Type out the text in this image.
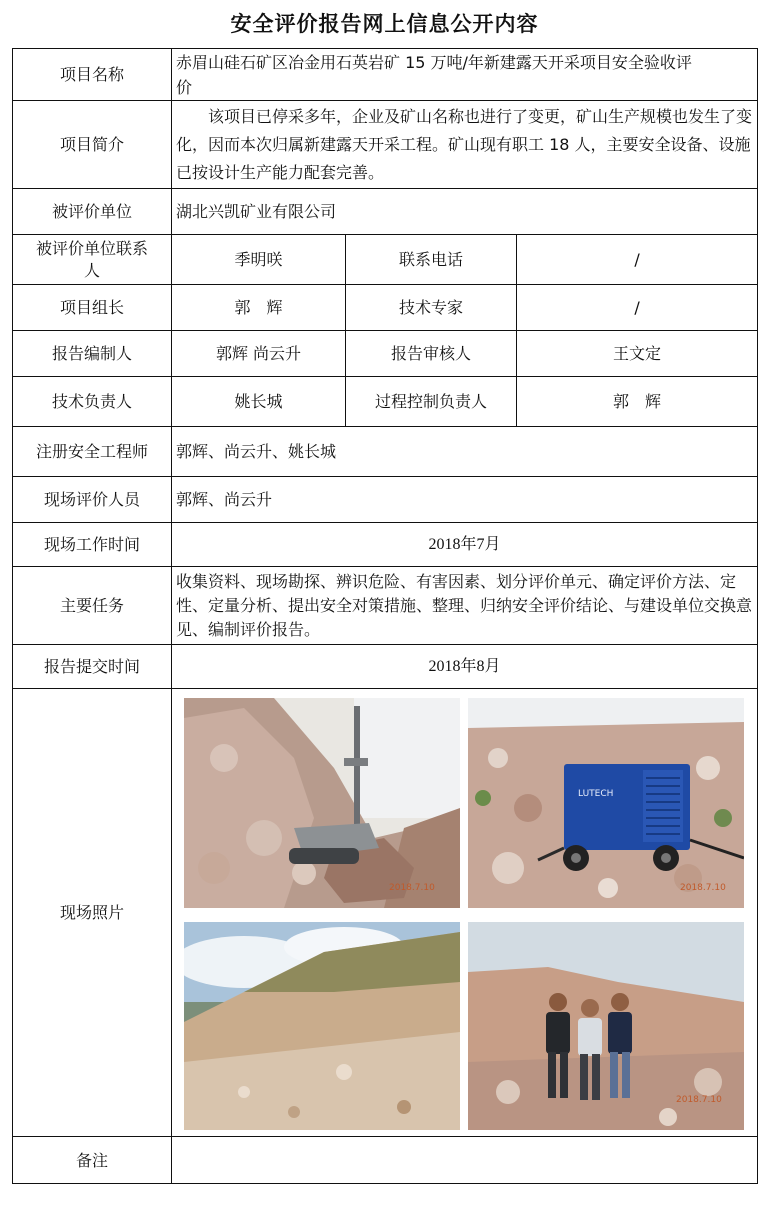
安全评价报告网上信息公开内容
项目名称	赤眉山硅石矿区冶金用石英岩矿 15 万吨/年新建露天开采项目安全验收评价		
项目简介	该项目已停采多年，企业及矿山名称也进行了变更，矿山生产规模也发生了变化，因而本次归属新建露天开采工程。矿山现有职工 18 人，主要安全设备、设施已按设计生产能力配套完善。		
被评价单位	湖北兴凯矿业有限公司		
被评价单位联系人	季明咲	联系电话	/
项目组长	郭　辉	技术专家	/
报告编制人	郭辉 尚云升	报告审核人	王文定
技术负责人	姚长城	过程控制负责人	郭　辉
注册安全工程师	郭辉、尚云升、姚长城		
现场评价人员	郭辉、尚云升		
现场工作时间	2018年7月		
主要任务	收集资料、现场勘探、辨识危险、有害因素、划分评价单元、确定评价方法、定性、定量分析、提出安全对策措施、整理、归纳安全评价结论、与建设单位交换意见、编制评价报告。		
报告提交时间	2018年8月		
现场照片	2018.7.10
LUTECH
2018.7.10
2018.7.10		

备注			
